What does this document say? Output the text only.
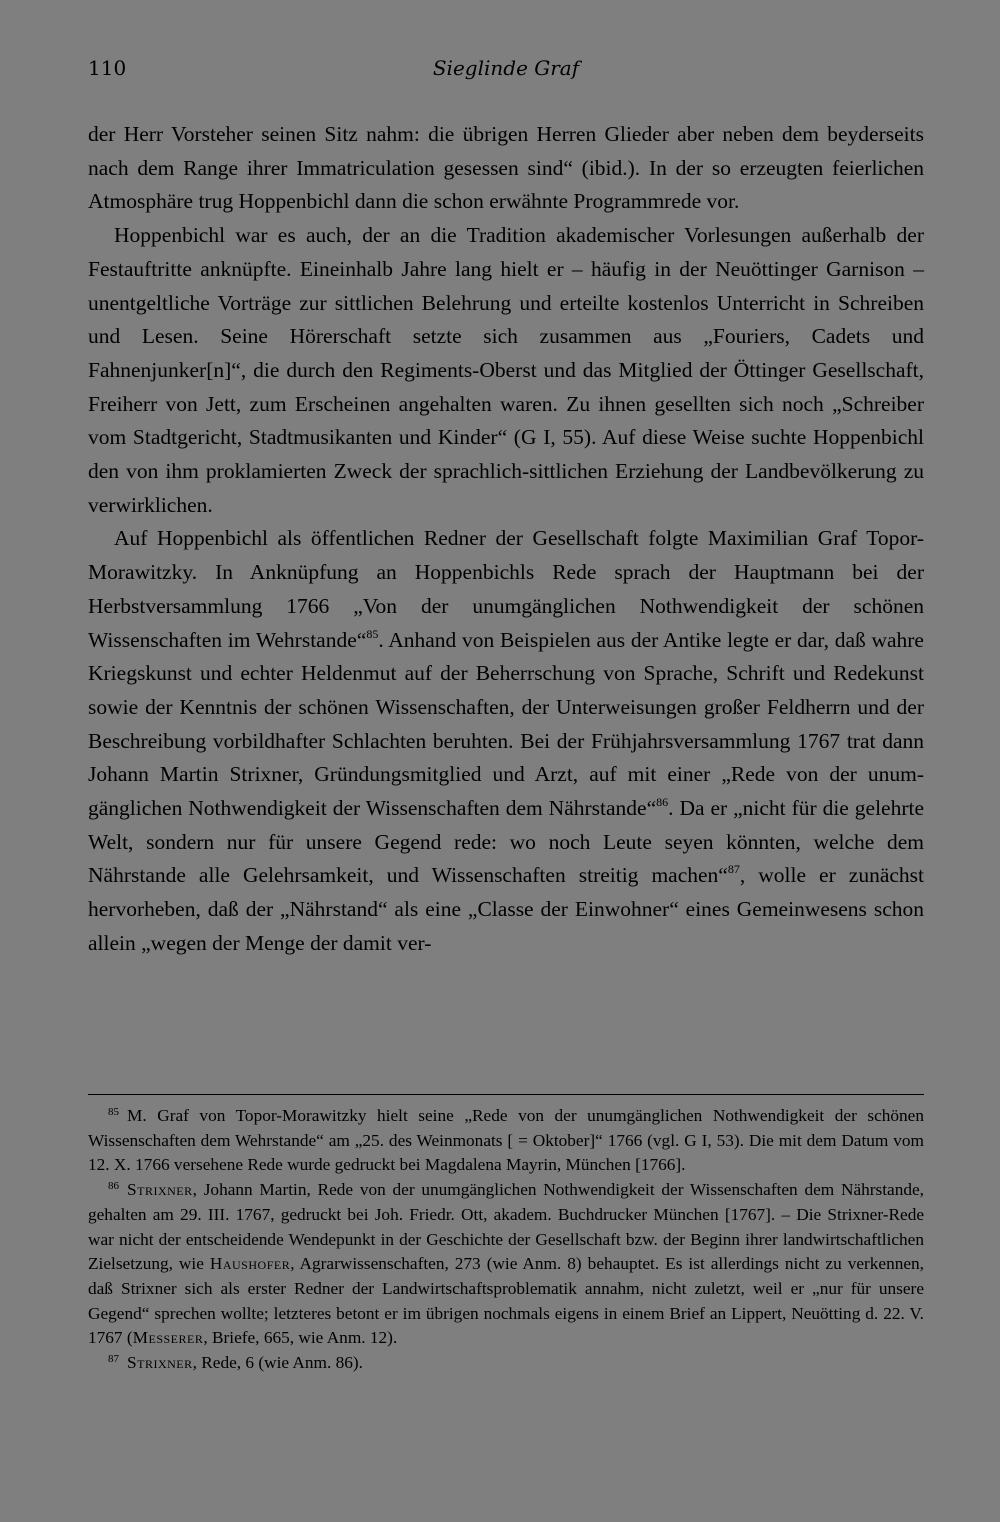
110	Sieglinde Graf

der Herr Vorsteher seinen Sitz nahm: die übrigen Herren Glieder aber neben dem beyderseits nach dem Range ihrer Immatriculation gesessen sind“ (ibid.). In der so erzeugten feierlichen Atmosphäre trug Hoppenbichl dann die schon erwähnte Programmrede vor.

Hoppenbichl war es auch, der an die Tradition akademischer Vorlesungen außerhalb der Festauftritte anknüpfte. Eineinhalb Jahre lang hielt er – häufig in der Neuöttinger Garnison – unentgeltliche Vorträge zur sittlichen Belehrung und erteilte kostenlos Unterricht in Schreiben und Lesen. Seine Hörerschaft setzte sich zusammen aus „Fouriers, Cadets und Fahnenjunker[n]“, die durch den Regiments-Oberst und das Mitglied der Öttinger Gesellschaft, Freiherr von Jett, zum Erscheinen angehalten waren. Zu ihnen gesellten sich noch „Schreiber vom Stadtgericht, Stadtmusikanten und Kinder“ (G I, 55). Auf diese Weise suchte Hoppenbichl den von ihm proklamierten Zweck der sprachlich-sittlichen Erziehung der Landbevölkerung zu verwirklichen.

Auf Hoppenbichl als öffentlichen Redner der Gesellschaft folgte Maximilian Graf Topor-Morawitzky. In Anknüpfung an Hoppenbichls Rede sprach der Hauptmann bei der Herbstversammlung 1766 „Von der unumgänglichen Nothwendigkeit der schönen Wissenschaften im Wehrstande“$^{85}$. Anhand von Beispielen aus der Antike legte er dar, daß wahre Kriegskunst und echter Heldenmut auf der Beherrschung von Sprache, Schrift und Redekunst sowie der Kenntnis der schönen Wissenschaften, der Unterweisungen großer Feldherrn und der Beschreibung vorbildhafter Schlachten beruhten. Bei der Frühjahrsversammlung 1767 trat dann Johann Martin Strixner, Gründungsmitglied und Arzt, auf mit einer „Rede von der unumgänglichen Nothwendigkeit der Wissenschaften dem Nährstande“$^{86}$. Da er „nicht für die gelehrte Welt, sondern nur für unsere Gegend rede: wo noch Leute seyen könnten, welche dem Nährstande alle Gelehrsamkeit, und Wissenschaften streitig machen“$^{87}$, wolle er zunächst hervorheben, daß der „Nährstand“ als eine „Classe der Einwohner“ eines Gemeinwesens schon allein „wegen der Menge der damit ver-

$^{85}$ M. Graf von Topor-Morawitzky hielt seine „Rede von der unumgänglichen Nothwendigkeit der schönen Wissenschaften dem Wehrstande“ am „25. des Weinmonats [ = Oktober]“ 1766 (vgl. G I, 53). Die mit dem Datum vom 12. X. 1766 versehene Rede wurde gedruckt bei Magdalena Mayrin, München [1766].

$^{86}$ Strixner, Johann Martin, Rede von der unumgänglichen Nothwendigkeit der Wissenschaften dem Nährstande, gehalten am 29. III. 1767, gedruckt bei Joh. Friedr. Ott, akadem. Buchdrucker München [1767]. – Die Strixner-Rede war nicht der entscheidende Wendepunkt in der Geschichte der Gesellschaft bzw. der Beginn ihrer landwirtschaftlichen Zielsetzung, wie Haushofer, Agrarwissenschaften, 273 (wie Anm. 8) behauptet. Es ist allerdings nicht zu verkennen, daß Strixner sich als erster Redner der Landwirtschaftsproblematik annahm, nicht zuletzt, weil er „nur für unsere Gegend“ sprechen wollte; letzteres betont er im übrigen nochmals eigens in einem Brief an Lippert, Neuötting d. 22. V. 1767 (Messerer, Briefe, 665, wie Anm. 12).

$^{87}$ Strixner, Rede, 6 (wie Anm. 86).
